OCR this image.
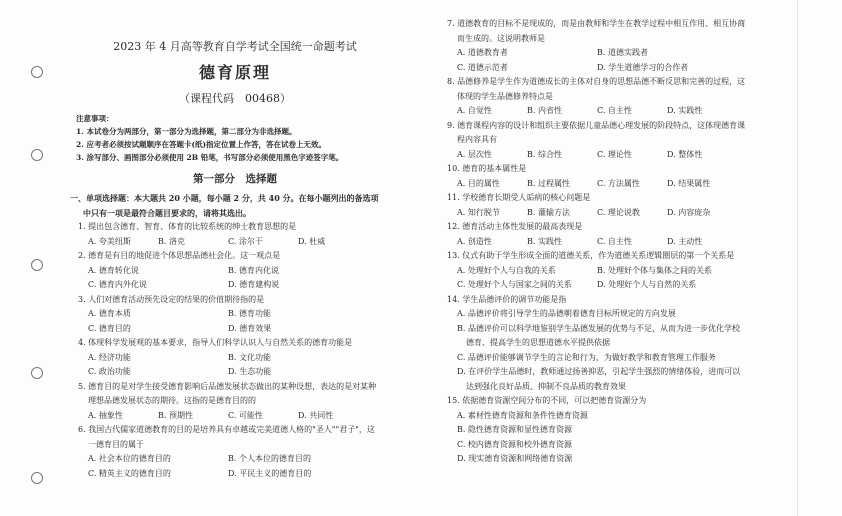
2023 年 4 月高等教育自学考试全国统一命题考试
德育原理
（课程代码　00468）
注意事项：
1. 本试卷分为两部分，第一部分为选择题，第二部分为非选择题。
2. 应考者必须按试题顺序在答题卡(纸)指定位置上作答，答在试卷上无效。
3. 涂写部分、画图部分必须使用 2B 铅笔，书写部分必须使用黑色字迹签字笔。
第一部分　选择题
一、单项选择题：本大题共 20 小题，每小题 2 分，共 40 分。在每小题列出的备选项中只有一项是最符合题目要求的，请将其选出。
1. 提出包含德育、智育、体育的比较系统的绅士教育思想的是
A. 夸美纽斯	B. 洛克	C. 涂尔干	D. 杜威
2. 德育是有目的地促进个体思想品德社会化。这一观点是
A. 德育转化说	B. 德育内化说
C. 德育内外化说	D. 德育建构说
3. 人们对德育活动预先设定的结果的价值期待指的是
A. 德育本质	B. 德育功能
C. 德育目的	D. 德育效果
4. 体现科学发展观的基本要求，指导人们科学认识人与自然关系的德育功能是
A. 经济功能	B. 文化功能
C. 政治功能	D. 生态功能
5. 德育目的是对学生接受德育影响后品德发展状态做出的某种设想，表达的是对某种理想品德发展状态的期待。这指的是德育目的的
A. 抽象性	B. 预期性	C. 可能性	D. 共同性
6. 我国古代儒家道德教育的目的是培养具有卓越或完美道德人格的"圣人""君子"，这一德育目的属于
A. 社会本位的德育目的	B. 个人本位的德育目的
C. 精英主义的德育目的	D. 平民主义的德育目的
7. 道德教育的目标不是现成的，而是由教师和学生在教学过程中相互作用、相互协商而生成的。这说明教师是
A. 道德教育者	B. 道德实践者
C. 道德示范者	D. 学生道德学习的合作者
8. 品德修养是学生作为道德成长的主体对自身的思想品德不断反思和完善的过程，这体现的学生品德修养特点是
A. 自觉性	B. 内省性	C. 自主性	D. 实践性
9. 德育课程内容的设计和组织主要依据儿童品德心理发展的阶段特点，这体现德育课程内容具有
A. 层次性	B. 综合性	C. 理论性	D. 整体性
10. 德育的基本属性是
A. 目的属性	B. 过程属性	C. 方法属性	D. 结果属性
11. 学校德育长期受人诟病的核心问题是
A. 知行脱节	B. 灌输方法	C. 理论说教	D. 内容庞杂
12. 德育活动主体性发展的最高表现是
A. 创造性	B. 实践性	C. 自主性	D. 主动性
13. 仪式有助于学生形成全面的道德关系，作为道德关系逻辑圈层的第一个关系是
A. 处理好个人与自我的关系	B. 处理好个体与集体之间的关系
C. 处理好个人与国家之间的关系	D. 处理好个人与自然的关系
14. 学生品德评价的调节功能是指
A. 品德评价将引导学生的品德朝着德育目标所规定的方向发展
B. 品德评价可以科学地鉴别学生品德发展的优势与不足，从而为进一步优化学校德育、提高学生的思想道德水平提供依据
C. 品德评价能够调节学生的言论和行为，为做好教学和教育管理工作服务
D. 在评价学生品德时，教师通过扬善抑恶，引起学生强烈的情绪体验，进而可以达到强化良好品质、抑制不良品质的教育效果
15. 依据德育资源空间分布的不同，可以把德育资源分为
A. 素材性德育资源和条件性德育资源
B. 隐性德育资源和显性德育资源
C. 校内德育资源和校外德育资源
D. 现实德育资源和网络德育资源
